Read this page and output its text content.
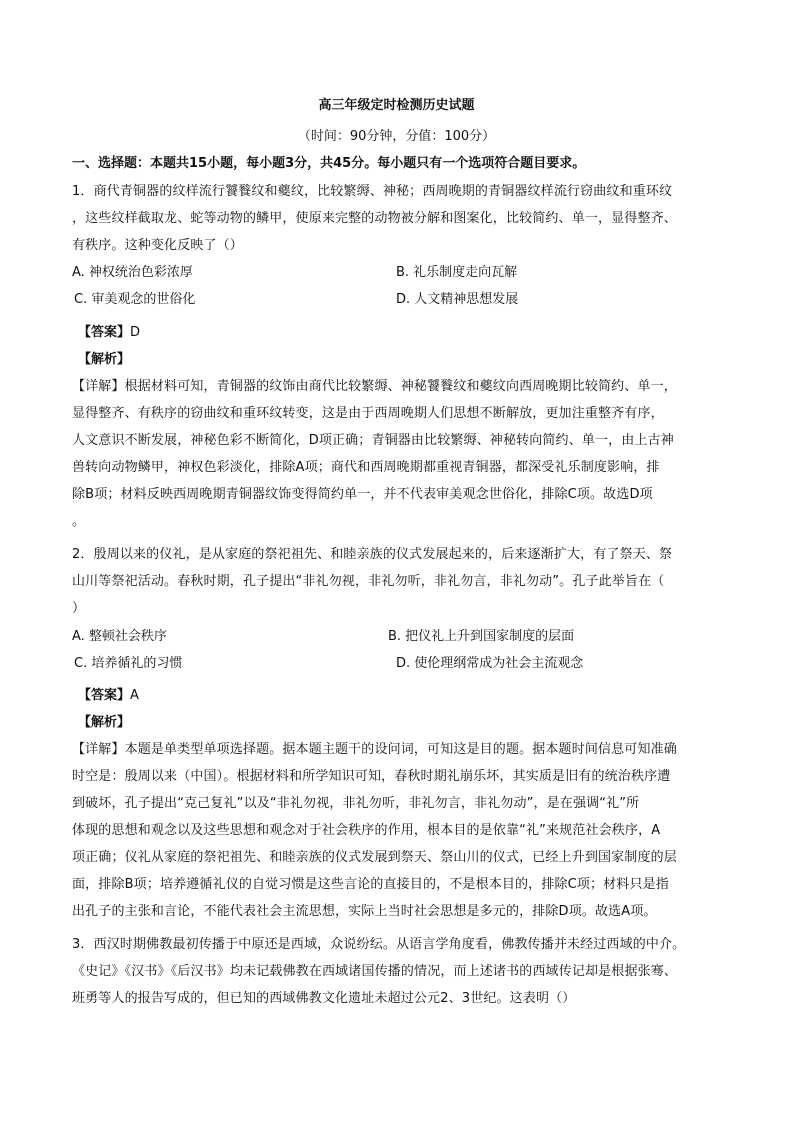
高三年级定时检测历史试题
（时间：90分钟，分值：100分）
一、选择题：本题共15小题，每小题3分，共45分。每小题只有一个选项符合题目要求。
1．商代青铜器的纹样流行饕餮纹和夔纹，比较繁缛、神秘；西周晚期的青铜器纹样流行窃曲纹和重环纹
，这些纹样截取龙、蛇等动物的鳞甲，使原来完整的动物被分解和图案化，比较简约、单一，显得整齐、
有秩序。这种变化反映了（）
A. 神权统治色彩浓厚	B. 礼乐制度走向瓦解
C. 审美观念的世俗化	D. 人文精神思想发展
【答案】D
【解析】
【详解】根据材料可知，青铜器的纹饰由商代比较繁缛、神秘饕餮纹和夔纹向西周晚期比较简约、单一，
显得整齐、有秩序的窃曲纹和重环纹转变，这是由于西周晚期人们思想不断解放，更加注重整齐有序，
人文意识不断发展，神秘色彩不断简化，D项正确；青铜器由比较繁缛、神秘转向简约、单一，由上古神
兽转向动物鳞甲，神权色彩淡化，排除A项；商代和西周晚期都重视青铜器，都深受礼乐制度影响，排
除B项；材料反映西周晚期青铜器纹饰变得简约单一，并不代表审美观念世俗化，排除C项。故选D项
。
2．殷周以来的仪礼，是从家庭的祭祀祖先、和睦亲族的仪式发展起来的，后来逐渐扩大，有了祭天、祭
山川等祭祀活动。春秋时期，孔子提出“非礼勿视，非礼勿听，非礼勿言，非礼勿动”。孔子此举旨在（
）
A. 整顿社会秩序	B. 把仪礼上升到国家制度的层面
C. 培养循礼的习惯	D. 使伦理纲常成为社会主流观念
【答案】A
【解析】
【详解】本题是单类型单项选择题。据本题主题干的设问词，可知这是目的题。据本题时间信息可知准确
时空是：殷周以来（中国）。根据材料和所学知识可知，春秋时期礼崩乐坏，其实质是旧有的统治秩序遭
到破坏，孔子提出“克己复礼”以及“非礼勿视，非礼勿听，非礼勿言，非礼勿动”，是在强调“礼”所
体现的思想和观念以及这些思想和观念对于社会秩序的作用，根本目的是依靠“礼”来规范社会秩序，A
项正确；仪礼从家庭的祭祀祖先、和睦亲族的仪式发展到祭天、祭山川的仪式，已经上升到国家制度的层
面，排除B项；培养遵循礼仪的自觉习惯是这些言论的直接目的，不是根本目的，排除C项；材料只是指
出孔子的主张和言论，不能代表社会主流思想，实际上当时社会思想是多元的，排除D项。故选A项。
3．西汉时期佛教最初传播于中原还是西域，众说纷纭。从语言学角度看，佛教传播并未经过西域的中介。
《史记》《汉书》《后汉书》均未记载佛教在西域诸国传播的情况，而上述诸书的西域传记却是根据张骞、
班勇等人的报告写成的，但已知的西域佛教文化遗址未超过公元2、3世纪。这表明（）
